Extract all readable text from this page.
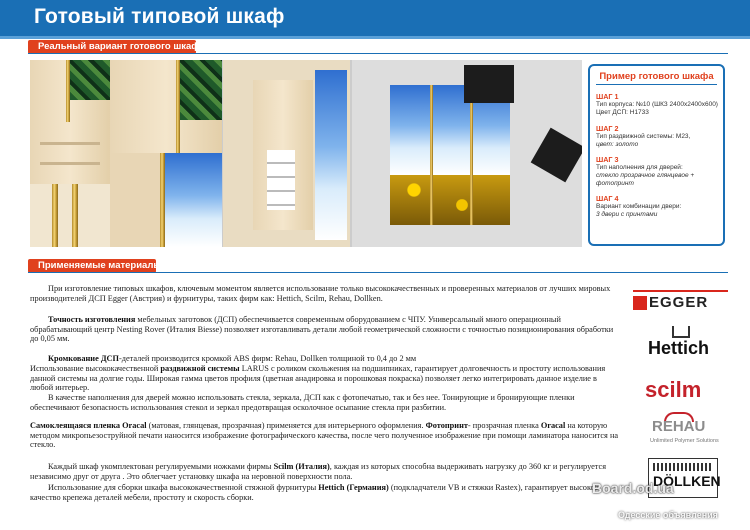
Готовый типовой шкаф
Реальный вариант готового шкафа
Пример готового шкафа
ШАГ 1
Тип корпуса: №10 (ШКЗ 2400х2400х600)
Цвет ДСП: Н1733
ШАГ 2
Тип раздвижной системы: М23,
цвет: золото
ШАГ 3
Тип наполнения для дверей:
стекло прозрачное глянцевое +
фотопринт
ШАГ 4
Вариант комбинации двери:
3 двери с принтами
Применяемые материалы
При изготовление типовых шкафов, ключевым моментом является использование только высококачественных и проверенных материалов от лучших мировых производителей ДСП Egger (Австрия) и фурнитуры, таких фирм как: Hettich, Scilm, Rehau, Dollken.
Точность изготовления мебельных заготовок (ДСП) обеспечивается современным оборудованием с ЧПУ. Универсальный много операционный обрабатывающий центр Nesting Rover (Италия Biesse) позволяет изготавливать детали любой геометрической сложности с точностью позиционирования обработки до 0,05 мм.
Кромкование ДСП-деталей производится кромкой ABS фирм: Rehau, Dollken толщиной то 0,4 до 2 мм
Использование высококачественной раздвижной системы LARUS с роликом скольжения на подшипниках, гарантирует долговечность и простоту использования данной системы на долгие годы. Широкая гамма цветов профиля (цветная анадировка и порошковая покраска) позволяет легко интегрировать данное изделие в любой интерьер.
В качестве наполнения для дверей можно использовать стекла, зеркала, ДСП как с фотопечатью, так и без нее. Тонирующие и бронирующие пленки обеспечивают безопасность использования стекол и зеркал предотвращая осколочное осыпание стекла при разбитии.
Самоклеящаяся пленка Oracal (матовая, глянцевая, прозрачная) применяется для интерьерного оформления. Фотопринт- прозрачная пленка Oracal на которую методом микропьезоструйной печати наносится изображение фотографического качества, после чего полученное изображение при помощи ламинатора наносится на стекло.
Каждый шкаф укомплектован регулируемыми ножками фирмы Scilm (Италия), каждая из которых способна выдерживать нагрузку до 360 кг и регулируется независимо друг от друга . Это облегчает установку шкафа на неровной поверхности пола.
Использование для сборки шкафа высококачественной стяжной фурнитуры Hettich (Германия) (подкладчатели VB и стяжки Rastex), гарантирует высокое качество крепежа деталей мебели, простоту и скорость сборки.
EGGER
Hettich
scilm
REHAU
Unlimited Polymer Solutions
DÖLLKEN
Board.od.ua
Одесские объявления
